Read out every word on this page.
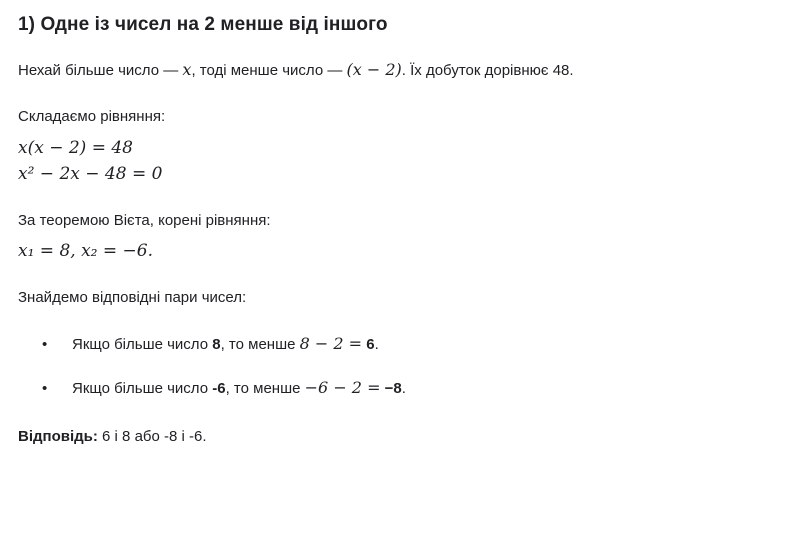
1) Одне із чисел на 2 менше від іншого
Нехай більше число — x, тоді менше число — (x − 2). Їх добуток дорівнює 48.
Складаємо рівняння:
x(x − 2) = 48
x² − 2x − 48 = 0
За теоремою Вієта, корені рівняння:
x₁ = 8, x₂ = −6.
Знайдемо відповідні пари чисел:
• Якщо більше число 8, то менше 8 − 2 = 6.
• Якщо більше число -6, то менше −6 − 2 = −8.
Відповідь: 6 і 8 або -8 і -6.
